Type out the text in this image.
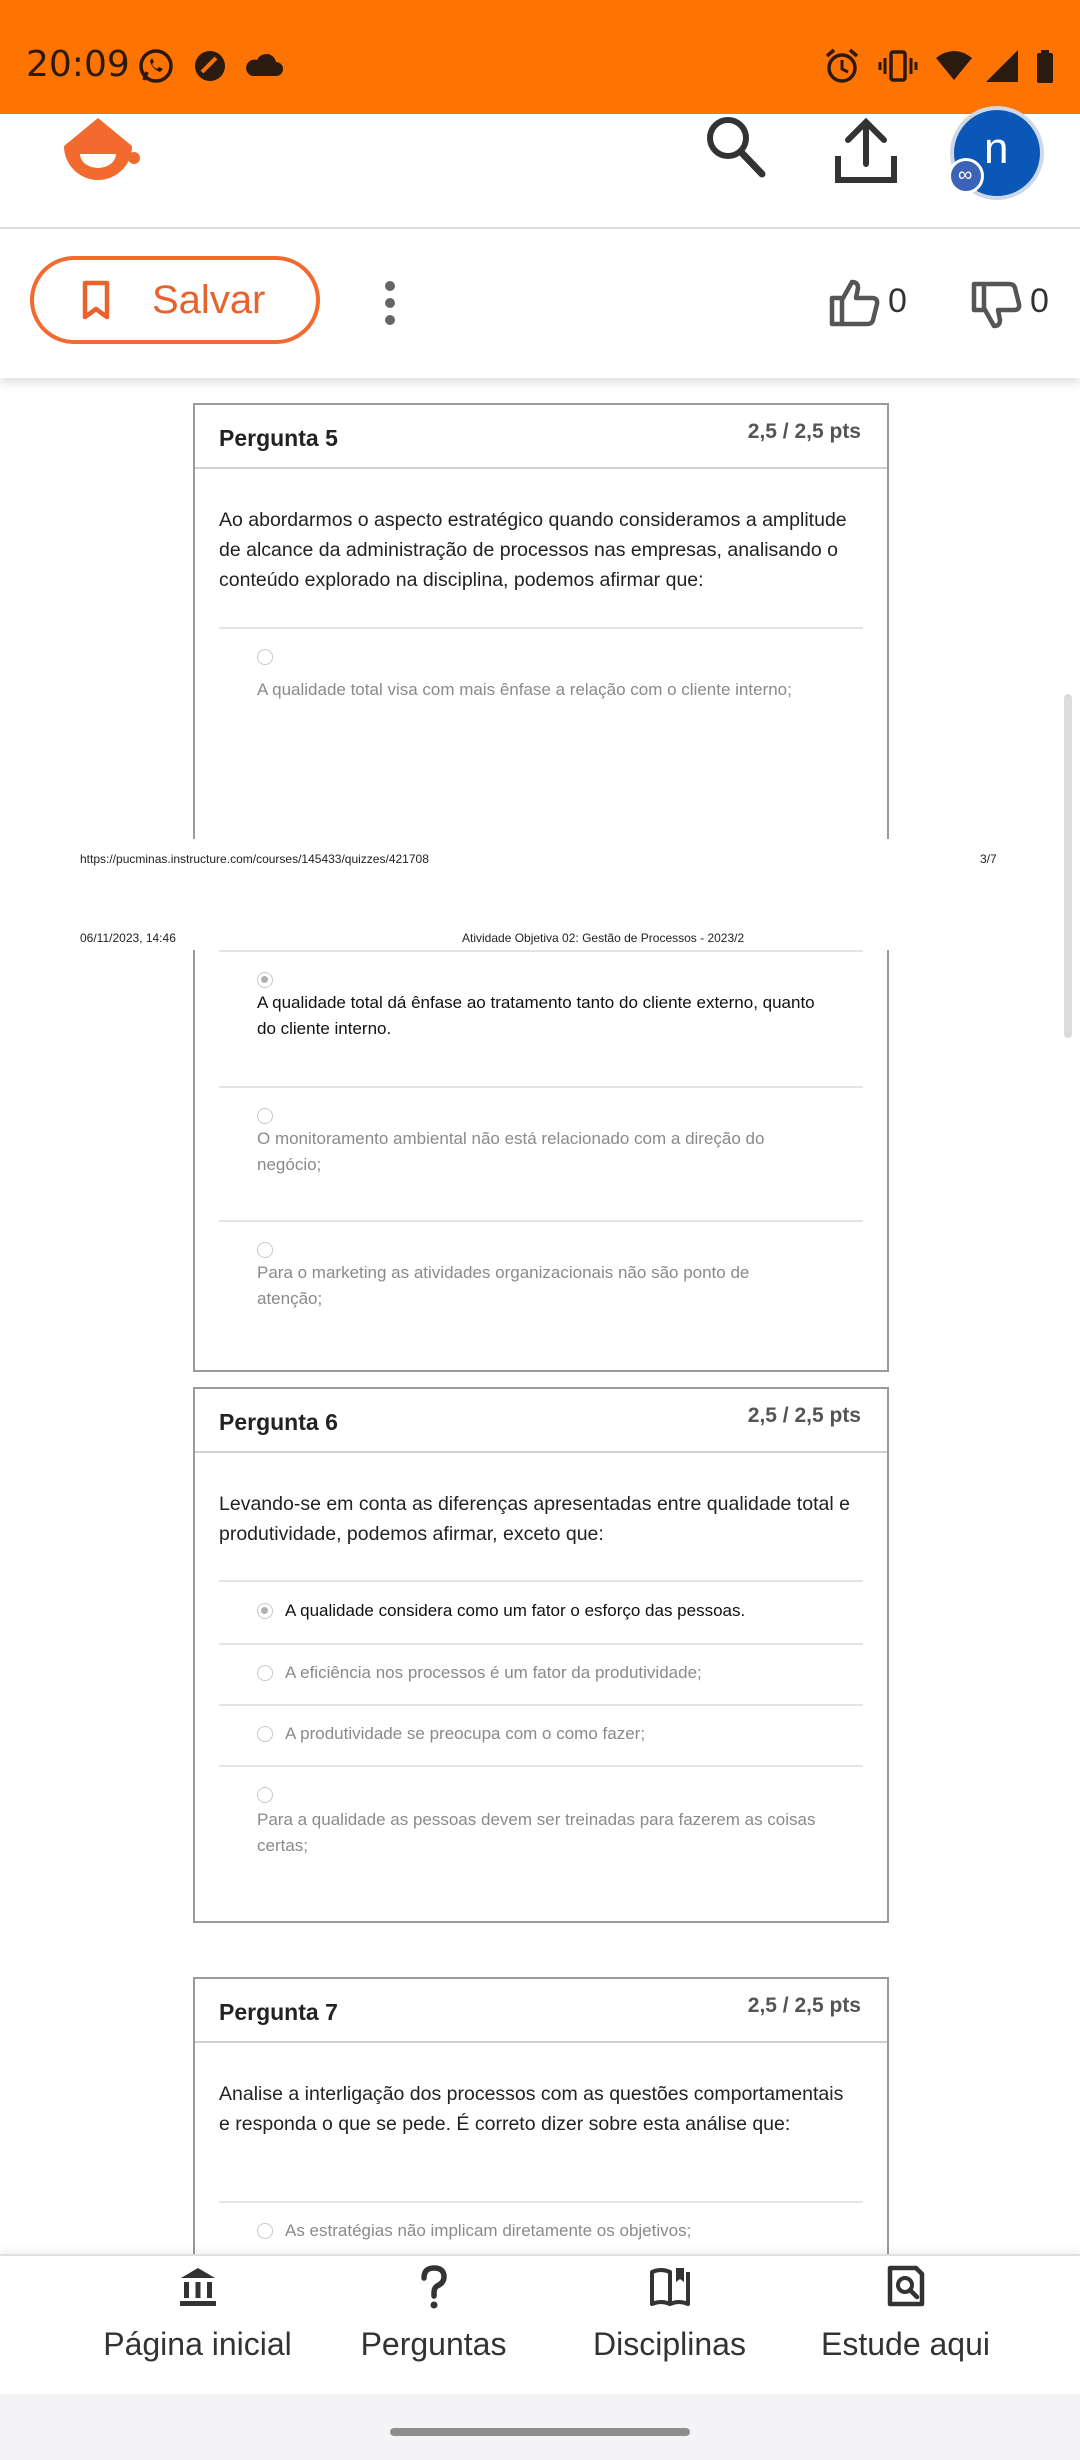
20:09
n
∞
Salvar	0	0
Pergunta 5	2,5 / 2,5 pts
Ao abordarmos o aspecto estratégico quando consideramos a amplitude de alcance da administração de processos nas empresas, analisando o conteúdo explorado na disciplina, podemos afirmar que:
A qualidade total visa com mais ênfase a relação com o cliente interno;
https://pucminas.instructure.com/courses/145433/quizzes/421708	3/7
06/11/2023, 14:46	Atividade Objetiva 02: Gestão de Processos - 2023/2
A qualidade total dá ênfase ao tratamento tanto do cliente externo, quanto do cliente interno.
O monitoramento ambiental não está relacionado com a direção do negócio;
Para o marketing as atividades organizacionais não são ponto de atenção;
Pergunta 6	2,5 / 2,5 pts
Levando-se em conta as diferenças apresentadas entre qualidade total e produtividade, podemos afirmar, exceto que:
A qualidade considera como um fator o esforço das pessoas.
A eficiência nos processos é um fator da produtividade;
A produtividade se preocupa com o como fazer;
Para a qualidade as pessoas devem ser treinadas para fazerem as coisas certas;
Pergunta 7	2,5 / 2,5 pts
Analise a interligação dos processos com as questões comportamentais e responda o que se pede. É correto dizer sobre esta análise que:
As estratégias não implicam diretamente os objetivos;
Página inicial	Perguntas	Disciplinas	Estude aqui
